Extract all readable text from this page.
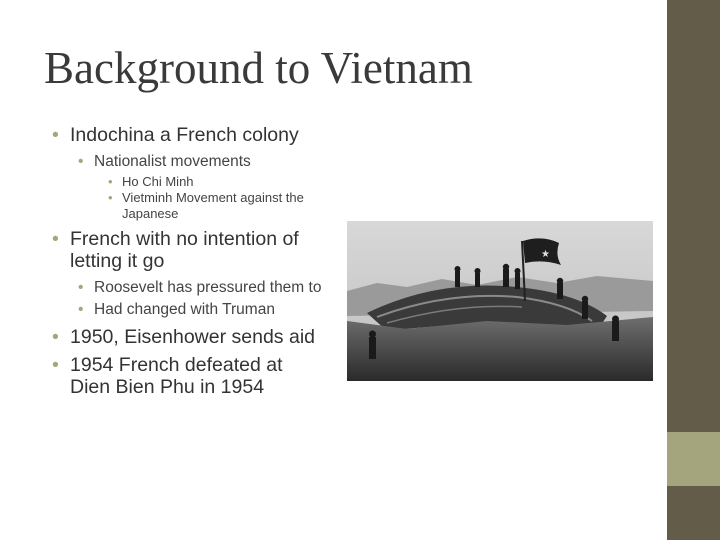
Background to Vietnam
• Indochina a French colony
• Nationalist movements
• Ho Chi Minh
• Vietminh Movement against the Japanese
• French with no intention of letting it go
• Roosevelt has pressured them to
• Had changed with Truman
• 1950, Eisenhower sends aid
• 1954 French defeated at Dien Bien Phu in 1954
★
